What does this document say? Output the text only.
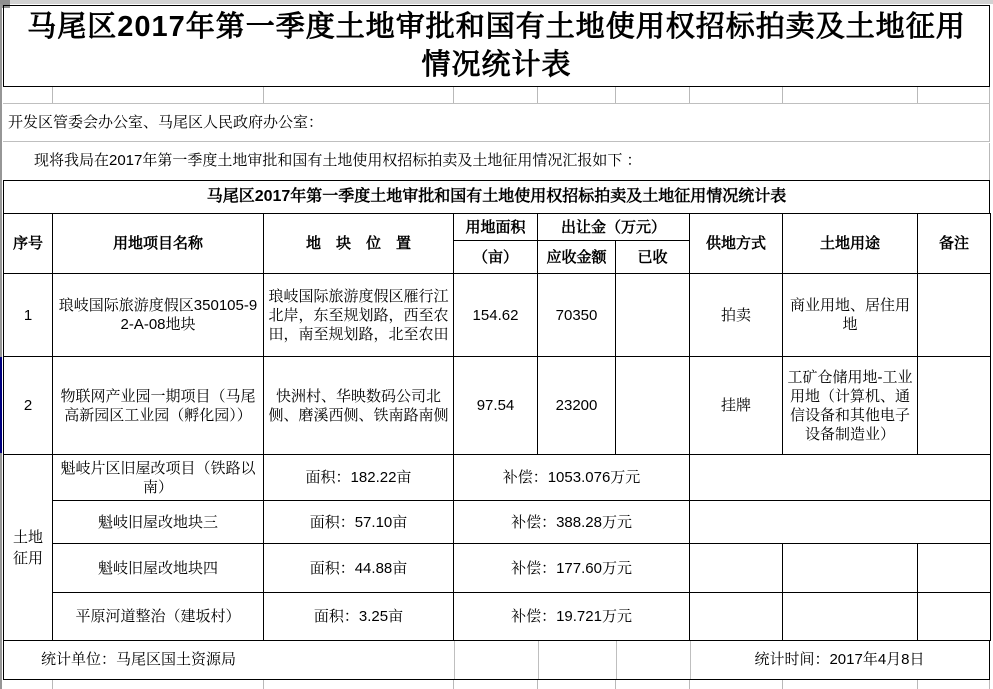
马尾区2017年第一季度土地审批和国有土地使用权招标拍卖及土地征用
情况统计表
开发区管委会办公室、马尾区人民政府办公室：
现将我局在2017年第一季度土地审批和国有土地使用权招标拍卖及土地征用情况汇报如下 ：
马尾区2017年第一季度土地审批和国有土地使用权招标拍卖及土地征用情况统计表
序号	用地项目名称	地　块　位　置	用地面积	出让金（万元）		供地方式	土地用途	备注
			（亩）	应收金额	已收			
1	琅岐国际旅游度假区350105-92-A-08地块	琅岐国际旅游度假区雁行江北岸，东至规划路，西至农田，南至规划路，北至农田	154.62	70350		拍卖	商业用地、居住用地	
2	物联网产业园一期项目（马尾高新园区工业园（孵化园））	快洲村、华映数码公司北侧、磨溪西侧、铁南路南侧	97.54	23200		挂牌	工矿仓储用地-工业用地（计算机、通信设备和其他电子设备制造业）	

土地征用	魁岐片区旧屋改项目（铁路以南）	面积：182.22亩	补偿：1053.076万元					
	魁岐旧屋改地块三	面积：57.10亩	补偿：388.28万元					
	魁岐旧屋改地块四	面积：44.88亩	补偿：177.60万元					
	平原河道整治（建坂村）	面积：3.25亩	补偿：19.721万元					
统计单位：马尾区国土资源局	统计时间：2017年4月8日
